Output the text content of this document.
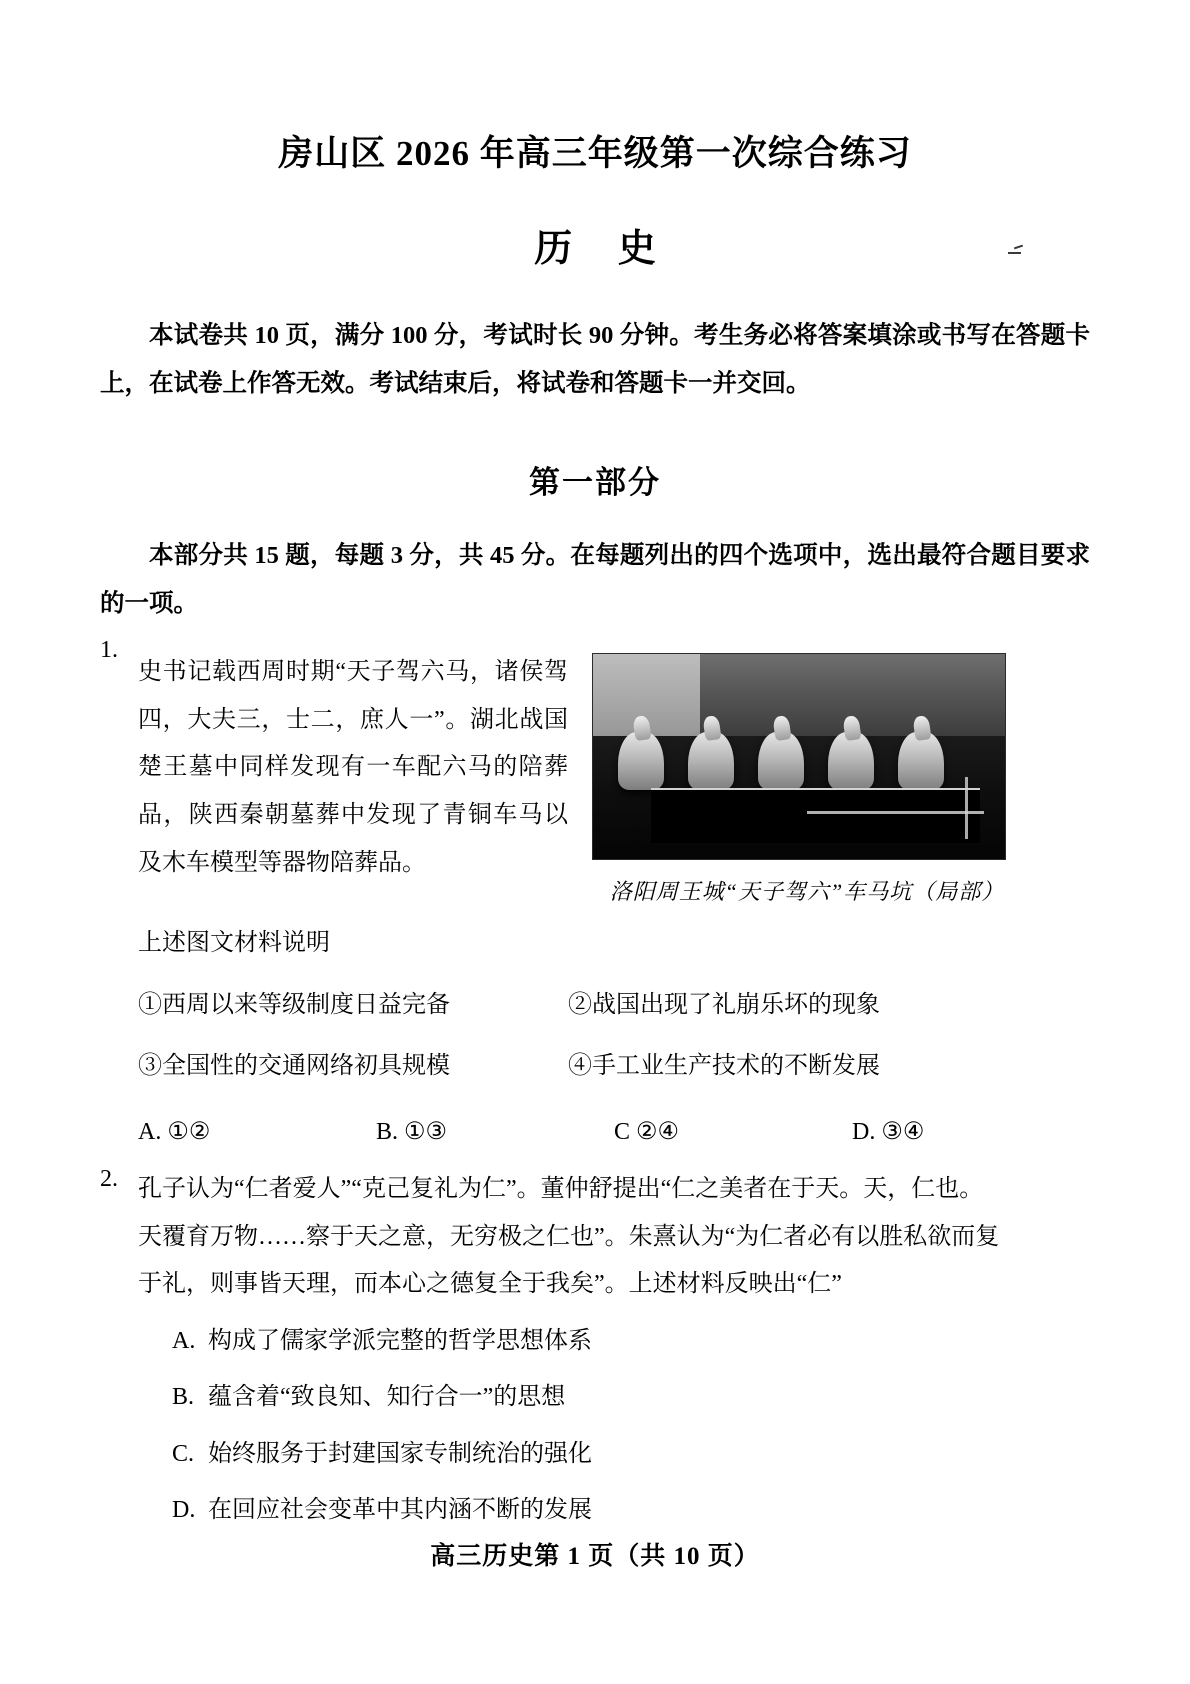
房山区 2026 年高三年级第一次综合练习
历 史

本试卷共 10 页，满分 100 分，考试时长 90 分钟。考生务必将答案填涂或书写在答题卡上，在试卷上作答无效。考试结束后，将试卷和答题卡一并交回。

第一部分

本部分共 15 题，每题 3 分，共 45 分。在每题列出的四个选项中，选出最符合题目要求的一项。

1.
史书记载西周时期“天子驾六马，诸侯驾四，大夫三，士二，庶人一”。湖北战国楚王墓中同样发现有一车配六马的陪葬品，陕西秦朝墓葬中发现了青铜车马以及木车模型等器物陪葬品。
洛阳周王城“天子驾六”车马坑（局部）
上述图文材料说明
①西周以来等级制度日益完备	②战国出现了礼崩乐坏的现象
③全国性的交通网络初具规模	④手工业生产技术的不断发展
A. ①②	B. ①③	C ②④	D. ③④
2. 孔子认为“仁者爱人”“克己复礼为仁”。董仲舒提出“仁之美者在于天。天，仁也。
天覆育万物……察于天之意，无穷极之仁也”。朱熹认为“为仁者必有以胜私欲而复
于礼，则事皆天理，而本心之德复全于我矣”。上述材料反映出“仁”
A. 构成了儒家学派完整的哲学思想体系
B. 蕴含着“致良知、知行合一”的思想
C. 始终服务于封建国家专制统治的强化
D. 在回应社会变革中其内涵不断的发展
高三历史第 1 页（共 10 页）
